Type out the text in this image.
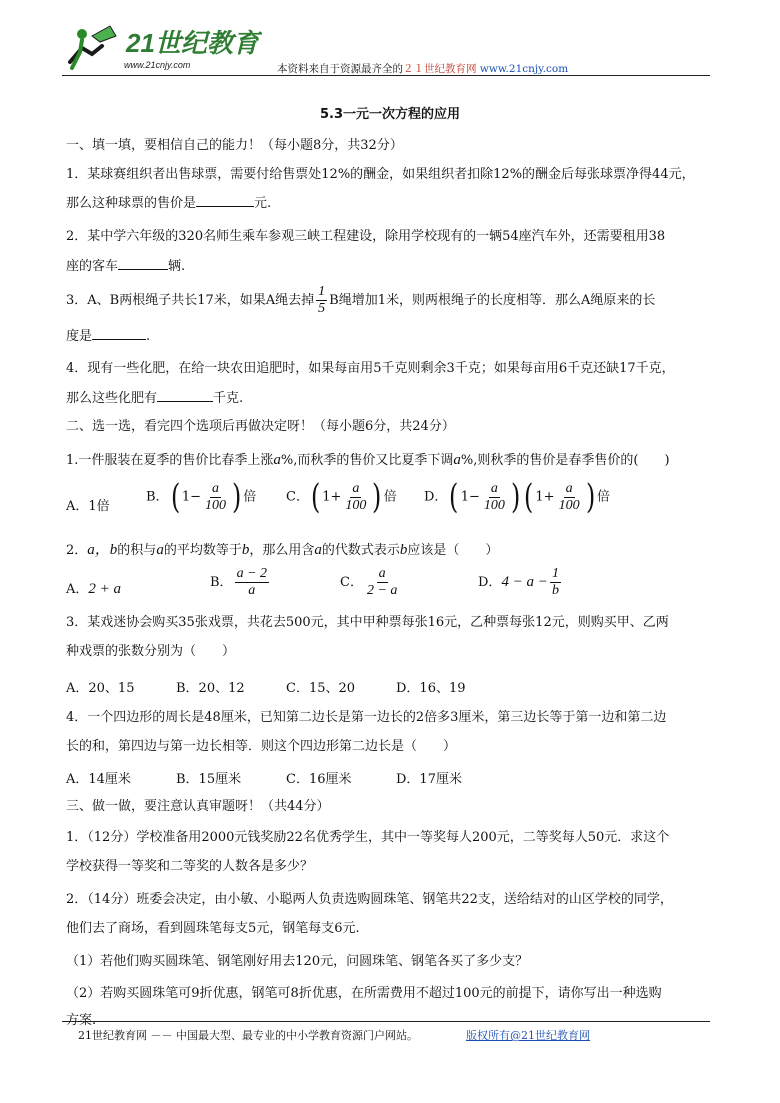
21世纪教育
www.21cnjy.com	本资料来自于资源最齐全的２１世纪教育网 www.21cnjy.com
5.3一元一次方程的应用
一、填一填，要相信自己的能力！（每小题8分，共32分）
1．某球赛组织者出售球票，需要付给售票处12%的酬金，如果组织者扣除12%的酬金后每张球票净得44元，
那么这种球票的售价是	元.
2．某中学六年级的320名师生乘车参观三峡工程建设，除用学校现有的一辆54座汽车外，还需要租用38
座的客车	辆.
3．A、B两根绳子共长17米，如果A绳去掉 $\frac{1}{5}$ B绳增加1米，则两根绳子的长度相等．那么A绳原来的长
度是	.
4．现有一些化肥，在给一块农田追肥时，如果每亩用5千克则剩余3千克；如果每亩用6千克还缺17千克，
那么这些化肥有	千克.
二、选一选，看完四个选项后再做决定呀！（每小题6分，共24分）
1.一件服装在夏季的售价比春季上涨a%,而秋季的售价又比夏季下调a%,则秋季的售价是春季售价的(　　)
A．1倍
B．( $1- \frac{a}{100}$ ) 倍 C．( $1+ \frac{a}{100}$ ) 倍 D．( $1- \frac{a}{100}$ ) ( $1+ \frac{a}{100}$ ) 倍
2．a，b的积与a的平均数等于b，那么用含a的代数式表示b应该是（　　）
A．2 + a	B． $\frac{a - 2}{a}$	C． $\frac{a}{2 - a}$	D．$4 - a - \frac{1}{b}$
3．某戏迷协会购买35张戏票，共花去500元，其中甲种票每张16元，乙种票每张12元，则购买甲、乙两
种戏票的张数分别为（　　）
A．20、15	B．20、12	C．15、20	D．16、19
4．一个四边形的周长是48厘米，已知第二边长是第一边长的2倍多3厘米，第三边长等于第一边和第二边
长的和，第四边与第一边长相等．则这个四边形第二边长是（　　）
A．14厘米	B．15厘米	C．16厘米	D．17厘米
三、做一做，要注意认真审题呀！（共44分）
1．（12分）学校准备用2000元钱奖励22名优秀学生，其中一等奖每人200元，二等奖每人50元．求这个
学校获得一等奖和二等奖的人数各是多少？
2．（14分）班委会决定，由小敏、小聪两人负责选购圆珠笔、钢笔共22支，送给结对的山区学校的同学，
他们去了商场，看到圆珠笔每支5元，钢笔每支6元.
（1）若他们购买圆珠笔、钢笔刚好用去120元，问圆珠笔、钢笔各买了多少支？
（2）若购买圆珠笔可9折优惠，钢笔可8折优惠，在所需费用不超过100元的前提下，请你写出一种选购
方案.
21世纪教育网 －－ 中国最大型、最专业的中小学教育资源门户网站。	版权所有@21世纪教育网
